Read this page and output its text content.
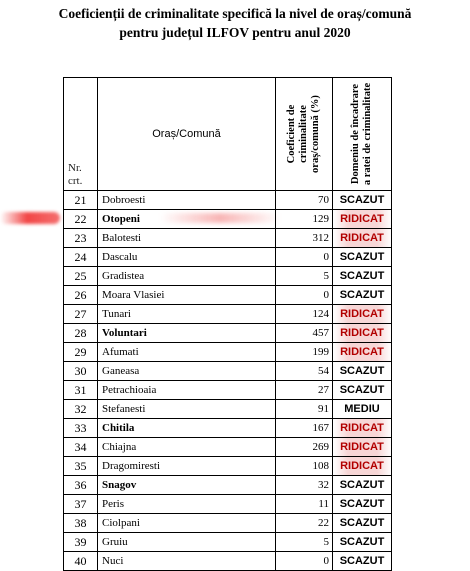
Coeficienții de criminalitate specifică la nivel de oraș/comună pentru județul ILFOV pentru anul 2020
Nr. crt.	Oraș/Comună	Coeficient de criminalitate oraș/comună (%)	Domeniu de încadrare a ratei de criminalitate

21	Dobroesti	70	SCAZUT
22	Otopeni	129	RIDICAT
23	Balotesti	312	RIDICAT
24	Dascalu	0	SCAZUT
25	Gradistea	5	SCAZUT
26	Moara Vlasiei	0	SCAZUT
27	Tunari	124	RIDICAT
28	Voluntari	457	RIDICAT
29	Afumati	199	RIDICAT
30	Ganeasa	54	SCAZUT
31	Petrachioaia	27	SCAZUT
32	Stefanesti	91	MEDIU
33	Chitila	167	RIDICAT
34	Chiajna	269	RIDICAT
35	Dragomiresti	108	RIDICAT
36	Snagov	32	SCAZUT
37	Peris	11	SCAZUT
38	Ciolpani	22	SCAZUT
39	Gruiu	5	SCAZUT
40	Nuci	0	SCAZUT
